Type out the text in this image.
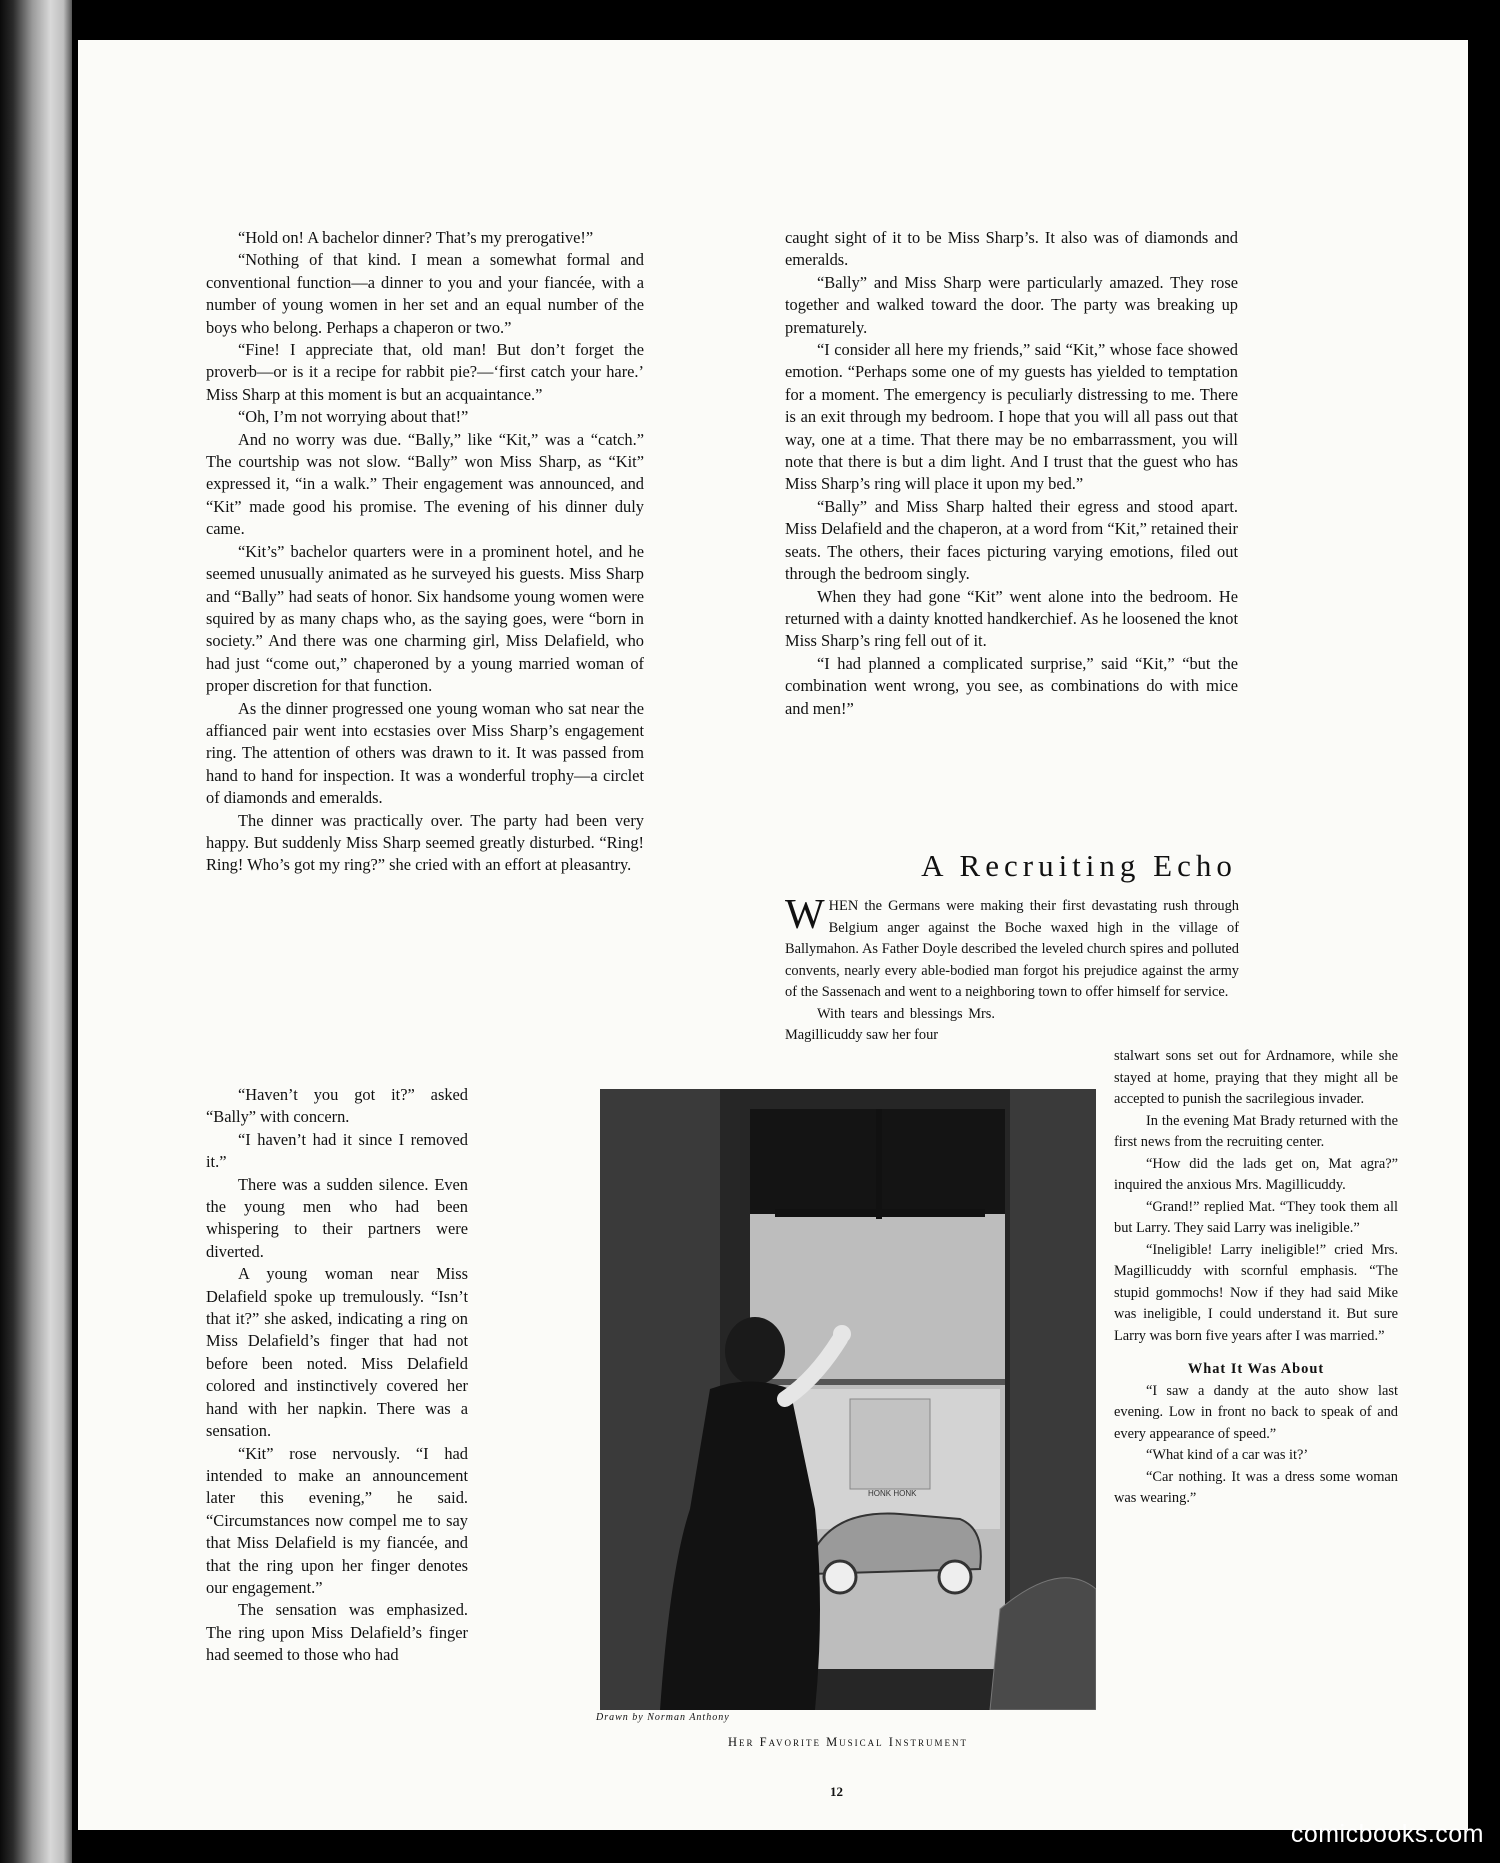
“Hold on! A bachelor dinner? That’s my prerogative!”

“Nothing of that kind. I mean a somewhat formal and conventional function—a dinner to you and your fiancée, with a number of young women in her set and an equal number of the boys who belong. Perhaps a chaperon or two.”

“Fine! I appreciate that, old man! But don’t forget the proverb—or is it a recipe for rabbit pie?—‘first catch your hare.’ Miss Sharp at this moment is but an acquaintance.”

“Oh, I’m not worrying about that!”

And no worry was due. “Bally,” like “Kit,” was a “catch.” The courtship was not slow. “Bally” won Miss Sharp, as “Kit” expressed it, “in a walk.” Their engagement was announced, and “Kit” made good his promise. The evening of his dinner duly came.

“Kit’s” bachelor quarters were in a prominent hotel, and he seemed unusually animated as he surveyed his guests. Miss Sharp and “Bally” had seats of honor. Six handsome young women were squired by as many chaps who, as the saying goes, were “born in society.” And there was one charming girl, Miss Delafield, who had just “come out,” chaperoned by a young married woman of proper discretion for that function.

As the dinner progressed one young woman who sat near the affianced pair went into ecstasies over Miss Sharp’s engagement ring. The attention of others was drawn to it. It was passed from hand to hand for inspection. It was a wonderful trophy—a circlet of diamonds and emeralds.

The dinner was practically over. The party had been very happy. But suddenly Miss Sharp seemed greatly disturbed. “Ring! Ring! Who’s got my ring?” she cried with an effort at pleasantry.

“Haven’t you got it?” asked “Bally” with concern.

“I haven’t had it since I removed it.”

There was a sudden silence. Even the young men who had been whispering to their partners were diverted.

A young woman near Miss Delafield spoke up tremulously. “Isn’t that it?” she asked, indicating a ring on Miss Delafield’s finger that had not before been noted. Miss Delafield colored and instinctively covered her hand with her napkin. There was a sensation.

“Kit” rose nervously. “I had intended to make an announcement later this evening,” he said. “Circumstances now compel me to say that Miss Delafield is my fiancée, and that the ring upon her finger denotes our engagement.”

The sensation was emphasized. The ring upon Miss Delafield’s finger had seemed to those who had

caught sight of it to be Miss Sharp’s. It also was of diamonds and emeralds.

“Bally” and Miss Sharp were particularly amazed. They rose together and walked toward the door. The party was breaking up prematurely.

“I consider all here my friends,” said “Kit,” whose face showed emotion. “Perhaps some one of my guests has yielded to temptation for a moment. The emergency is peculiarly distressing to me. There is an exit through my bedroom. I hope that you will all pass out that way, one at a time. That there may be no embarrassment, you will note that there is but a dim light. And I trust that the guest who has Miss Sharp’s ring will place it upon my bed.”

“Bally” and Miss Sharp halted their egress and stood apart. Miss Delafield and the chaperon, at a word from “Kit,” retained their seats. The others, their faces picturing varying emotions, filed out through the bedroom singly.

When they had gone “Kit” went alone into the bedroom. He returned with a dainty knotted handkerchief. As he loosened the knot Miss Sharp’s ring fell out of it.

“I had planned a complicated surprise,” said “Kit,” “but the combination went wrong, you see, as combinations do with mice and men!”

A Recruiting Echo

WHEN the Germans were making their first devastating rush through Belgium anger against the Boche waxed high in the village of Ballymahon. As Father Doyle described the leveled church spires and polluted convents, nearly every able-bodied man forgot his prejudice against the army of the Sassenach and went to a neighboring town to offer himself for service.

With tears and blessings Mrs. Magillicuddy saw her four

stalwart sons set out for Ardnamore, while she stayed at home, praying that they might all be accepted to punish the sacrilegious invader.

In the evening Mat Brady returned with the first news from the recruiting center.

“How did the lads get on, Mat agra?” inquired the anxious Mrs. Magillicuddy.

“Grand!” replied Mat. “They took them all but Larry. They said Larry was ineligible.”

“Ineligible! Larry ineligible!” cried Mrs. Magillicuddy with scornful emphasis. “The stupid gommochs! Now if they had said Mike was ineligible, I could understand it. But sure Larry was born five years after I was married.”

What It Was About

“I saw a dandy at the auto show last evening. Low in front no back to speak of and every appearance of speed.”

“What kind of a car was it?’

“Car nothing. It was a dress some woman was wearing.”

HONK HONK
Drawn by Norman Anthony
Her Favorite Musical Instrument
12
comicbooks.com
